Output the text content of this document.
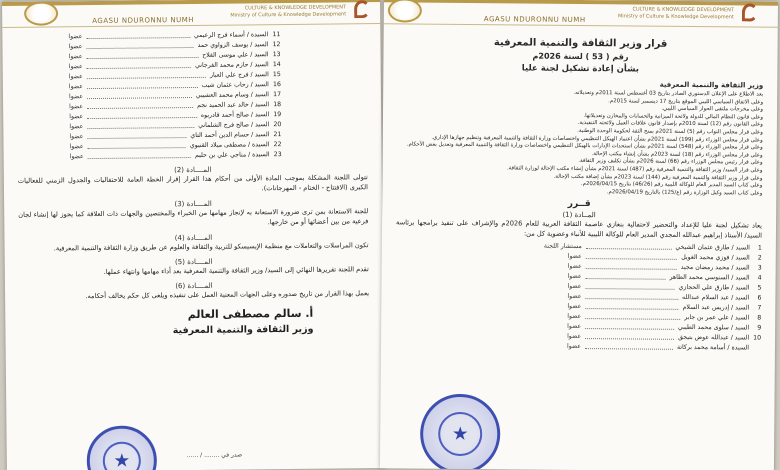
CULTURE & KNOWLEDGE DEVELOPMENT
Ministry of Culture & Knowledge Development
AGASU NDURONNU NUMH
11
السيدة / أسماء فرج الرعيمي
عضوا
12
السيد / يوسف الزواوي حمد
عضوا
13
السيد / علي موسى الفلاح
عضوا
14
السيد / حازم محمد الفرجاني
عضوا
15
السيد / فرج علي العبار
عضوا
16
السيد / رحاب عثمان شيب
عضوا
17
السيد / وسام محمد العشيبي
عضوا
18
السيد / خالد عبد الحميد نجم
عضوا
19
السيد / صالح أحمد قادربوه
عضوا
20
السيد / صالح فرج الشلماني
عضوا
21
السيد / حسام الدين أحمد التاي
عضوا
22
السيدة / مصطفى ميلاد القنيوي
عضوا
23
السيدة / مناجي علي بن حليم
عضوا
المــــادة (2)
تتولى اللجنة المشكلة بموجب المادة الأولى من أحكام هذا القرار إقرار الخطة العامة للاحتفاليات والجدول الزمني للفعاليات الكبرى (الافتتاح - الختام - المهرجانات).
المــــادة (3)
للجنة الاستعانة بمن ترى ضرورة الاستعانة به لإنجاز مهامها من الخبراء والمختصين والجهات ذات العلاقة كما يجوز لها إنشاء لجان فرعية من بين أعضائها أو من خارجها.
المــــادة (4)
تكون المراسلات والتعاملات مع منظمة الإيسيسكو للتربية والثقافة والعلوم عن طريق وزارة الثقافة والتنمية المعرفية.
المــــادة (5)
تقدم اللجنة تقريرها النهائي إلى السيد/ وزير الثقافة والتنمية المعرفية بعد أداء مهامها وانتهاء عملها.
المــــادة (6)
يعمل بهذا القرار من تاريخ صدوره وعلى الجهات المعنية العمل على تنفيذه ويلغى كل حكم يخالف أحكامه.
أ. سالم مصطفى العالم
وزير الثقافة والتنمية المعرفية
★	صدر في ........ / ......
CULTURE & KNOWLEDGE DEVELOPMENT
Ministry of Culture & Knowledge Development
AGASU NDURONNU NUMH
قرار وزير الثقافة والتنمية المعرفية
رقم ( 53 ) لسنة 2026م
بشأن إعادة تشكيل لجنة عليا
وزير الثقافة والتنمية المعرفية
بعد الاطلاع على الإعلان الدستوري الصادر بتاريخ 03 أغسطس لسنة 2011م وتعديلاته.
وعلى الاتفاق السياسي الليبي الموقع بتاريخ 17 ديسمبر لسنة 2015م.
وعلى مخرجات ملتقى الحوار السياسي الليبي.
وعلى قانون النظام المالي للدولة ولائحة الميزانية والحسابات والمخازن وتعديلاتها.
وعلى القانون رقم (12) لسنة 2010م بإصدار قانون علاقات العمل ولائحته التنفيذية.
وعلى قرار مجلس النواب رقم (5) لسنة 2021م بمنح الثقة لحكومة الوحدة الوطنية.
وعلى قرار مجلس الوزراء رقم (199) لسنة 2021م بشأن اعتماد الهيكل التنظيمي واختصاصات وزارة الثقافة والتنمية المعرفية وتنظيم جهازها الإداري.
وعلى قرار مجلس الوزراء رقم (548) لسنة 2021م بشأن استحداث الإدارات بالهيكل التنظيمي واختصاصات وزارة الثقافة والتنمية المعرفية وتعديل بعض الأحكام.
وعلى قرار مجلس الوزراء رقم (18) لسنة 2023م بشأن إنشاء مكتب الإحالة.
وعلى قرار رئيس مجلس الوزراء رقم (66) لسنة 2026م بشأن تكليف وزير الثقافة.
وعلى قرار السيد/ وزير الثقافة والتنمية المعرفية رقم (487) لسنة 2021م بشأن إنشاء مكتب الإحالة لوزارة الثقافة.
وعلى قرار وزير الثقافة والتنمية المعرفية رقم (144) لسنة 2023م بشأن إضافة مكتب الإحالة.
وعلى كتاب السيد المدير العام للوكالة الليبية رقم (46/26) بتاريخ 2026/04/15م.
وعلى كتاب السيد وكيل الوزارة رقم (ع/125) بالتاريخ 2026/04/19م.
قــرر
المــادة (1)
يعاد تشكيل لجنة عليا للإعداد والتحضير لاحتفالية بنغازي عاصمة الثقافة العربية للعام 2026م والإشراف على تنفيذ برامجها برئاسة السيد/ الأستاذ إبراهيم عبدالله المجدي المدير العام للوكالة الليبية للأنباء وعضوية كل من:
1
السيد / طارق عثمان الشيخي
مستشار اللجنة
2
السيد / فوزي محمد الغويل
عضوا
3
السيد / محمد رمضان مجيد
عضوا
4
السيد / السنوسي محمد الطاهر
عضوا
5
السيد / طارق علي الحجازي
عضوا
6
السيد / عبد السلام عبدالله
عضوا
7
السيد / إدريس عبد السلام
عضوا
8
السيد / علي عمر بن جابر
عضوا
9
السيد / سلوى محمد الطيبي
عضوا
10
السيد / عبدالله عوض بتيجق
عضوا
السيدة / أسامة محمد بركاتة
عضوا
★
